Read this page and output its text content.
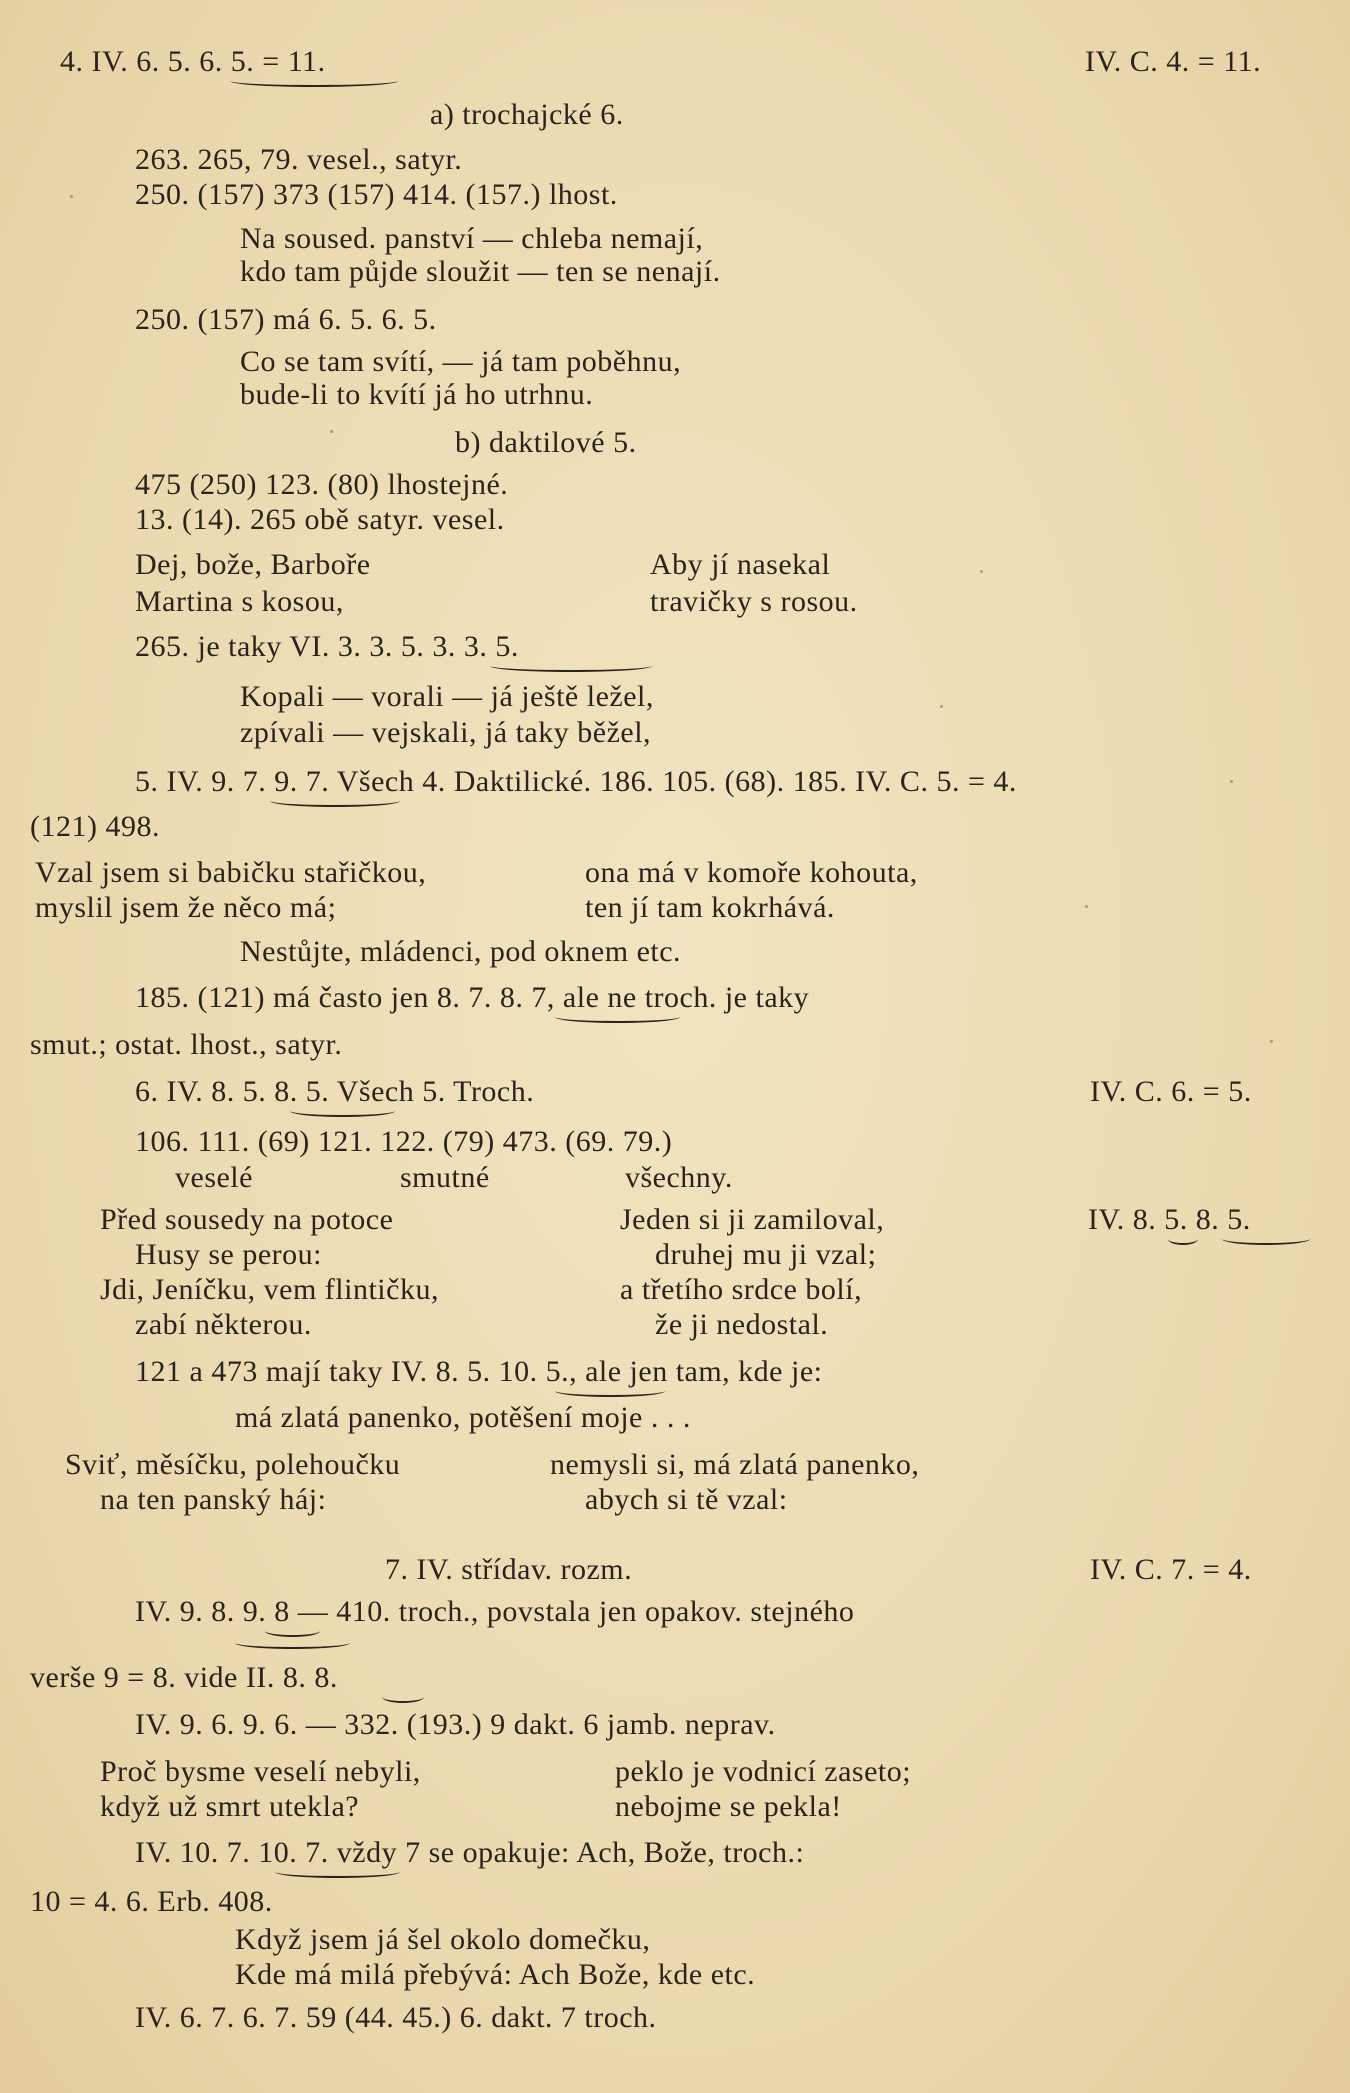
4. IV. 6. 5. 6. 5. = 11.	IV. C. 4. = 11.
a) trochajcké 6.
263. 265, 79. vesel., satyr.
250. (157) 373 (157) 414. (157.) lhost.
Na soused. panství — chleba nemají,
kdo tam půjde sloužit — ten se nenají.
250. (157) má 6. 5. 6. 5.
Co se tam svítí, — já tam poběhnu,
bude-li to kvítí já ho utrhnu.
b) daktilové 5.
475 (250) 123. (80) lhostejné.
13. (14). 265 obě satyr. vesel.
Dej, bože, Barboře	Aby jí nasekal
Martina s kosou,	travičky s rosou.
265. je taky VI. 3. 3. 5. 3. 3. 5.
Kopali — vorali — já ještě ležel,
zpívali — vejskali, já taky běžel,
5. IV. 9. 7. 9. 7. Všech 4. Daktilické. 186. 105. (68). 185. IV. C. 5. = 4.
(121) 498.
Vzal jsem si babičku stařičkou,	ona má v komoře kohouta,
myslil jsem že něco má;	ten jí tam kokrhává.
Nestůjte, mládenci, pod oknem etc.
185. (121) má často jen 8. 7. 8. 7, ale ne troch. je taky
smut.; ostat. lhost., satyr.
6. IV. 8. 5. 8. 5. Všech 5. Troch.	IV. C. 6. = 5.
106. 111. (69) 121. 122. (79) 473. (69. 79.)
veselé	smutné	všechny.
Před sousedy na potoce	Jeden si ji zamiloval,	IV. 8. 5. 8. 5.
Husy se perou:	druhej mu ji vzal;
Jdi, Jeníčku, vem flintičku,	a třetího srdce bolí,
zabí některou.	že ji nedostal.
121 a 473 mají taky IV. 8. 5. 10. 5., ale jen tam, kde je:
má zlatá panenko, potěšení moje . . .
Sviť, měsíčku, polehoučku	nemysli si, má zlatá panenko,
na ten panský háj:	abych si tě vzal:
7. IV. střídav. rozm.	IV. C. 7. = 4.
IV. 9. 8. 9. 8 — 410. troch., povstala jen opakov. stejného
verše 9 = 8. vide II. 8. 8.
IV. 9. 6. 9. 6. — 332. (193.) 9 dakt. 6 jamb. neprav.
Proč bysme veselí nebyli,	peklo je vodnicí zaseto;
když už smrt utekla?	nebojme se pekla!
IV. 10. 7. 10. 7. vždy 7 se opakuje: Ach, Bože, troch.:
10 = 4. 6. Erb. 408.
Když jsem já šel okolo domečku,
Kde má milá přebývá: Ach Bože, kde etc.
IV. 6. 7. 6. 7. 59 (44. 45.) 6. dakt. 7 troch.
